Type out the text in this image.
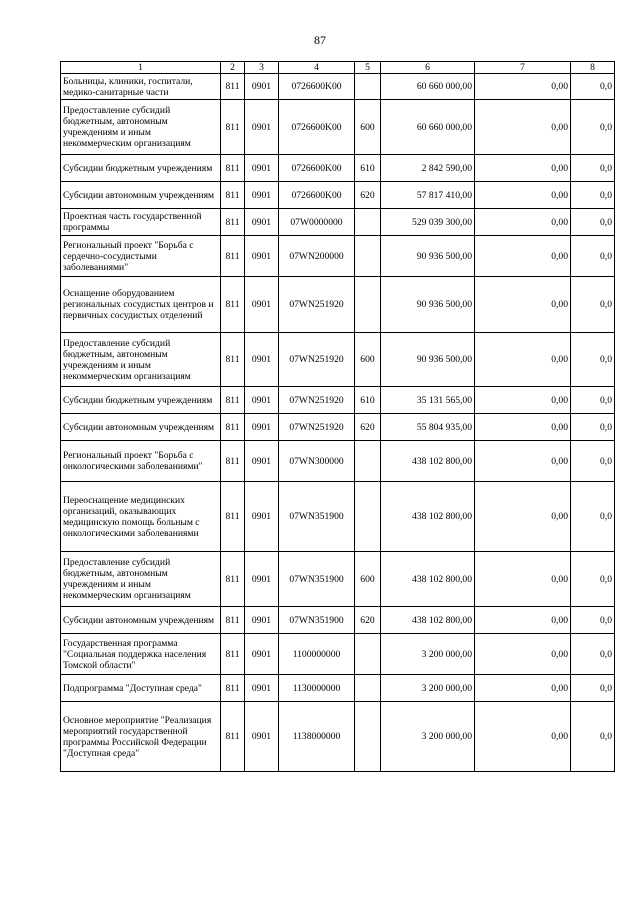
87
1	2	3	4	5	6	7	8
Больницы, клиники, госпитали, медико-санитарные части	811	0901	0726600K00		60 660 000,00	0,00	0,0
Предоставление субсидий бюджетным, автономным учреждениям и иным некоммерческим организациям	811	0901	0726600K00	600	60 660 000,00	0,00	0,0
Субсидии бюджетным учреждениям	811	0901	0726600K00	610	2 842 590,00	0,00	0,0
Субсидии автономным учреждениям	811	0901	0726600K00	620	57 817 410,00	0,00	0,0
Проектная часть государственной программы	811	0901	07W0000000		529 039 300,00	0,00	0,0
Региональный проект "Борьба с сердечно-сосудистыми заболеваниями"	811	0901	07WN200000		90 936 500,00	0,00	0,0
Оснащение оборудованием региональных сосудистых центров и первичных сосудистых отделений	811	0901	07WN251920		90 936 500,00	0,00	0,0
Предоставление субсидий бюджетным, автономным учреждениям и иным некоммерческим организациям	811	0901	07WN251920	600	90 936 500,00	0,00	0,0
Субсидии бюджетным учреждениям	811	0901	07WN251920	610	35 131 565,00	0,00	0,0
Субсидии автономным учреждениям	811	0901	07WN251920	620	55 804 935,00	0,00	0,0
Региональный проект "Борьба с онкологическими заболеваниями"	811	0901	07WN300000		438 102 800,00	0,00	0,0
Переоснащение медицинских организаций, оказывающих медицинскую помощь больным с онкологическими заболеваниями	811	0901	07WN351900		438 102 800,00	0,00	0,0
Предоставление субсидий бюджетным, автономным учреждениям и иным некоммерческим организациям	811	0901	07WN351900	600	438 102 800,00	0,00	0,0
Субсидии автономным учреждениям	811	0901	07WN351900	620	438 102 800,00	0,00	0,0
Государственная программа "Социальная поддержка населения Томской области"	811	0901	1100000000		3 200 000,00	0,00	0,0
Подпрограмма "Доступная среда"	811	0901	1130000000		3 200 000,00	0,00	0,0
Основное мероприятие "Реализация мероприятий государственной программы Российской Федерации "Доступная среда"	811	0901	1138000000		3 200 000,00	0,00	0,0
